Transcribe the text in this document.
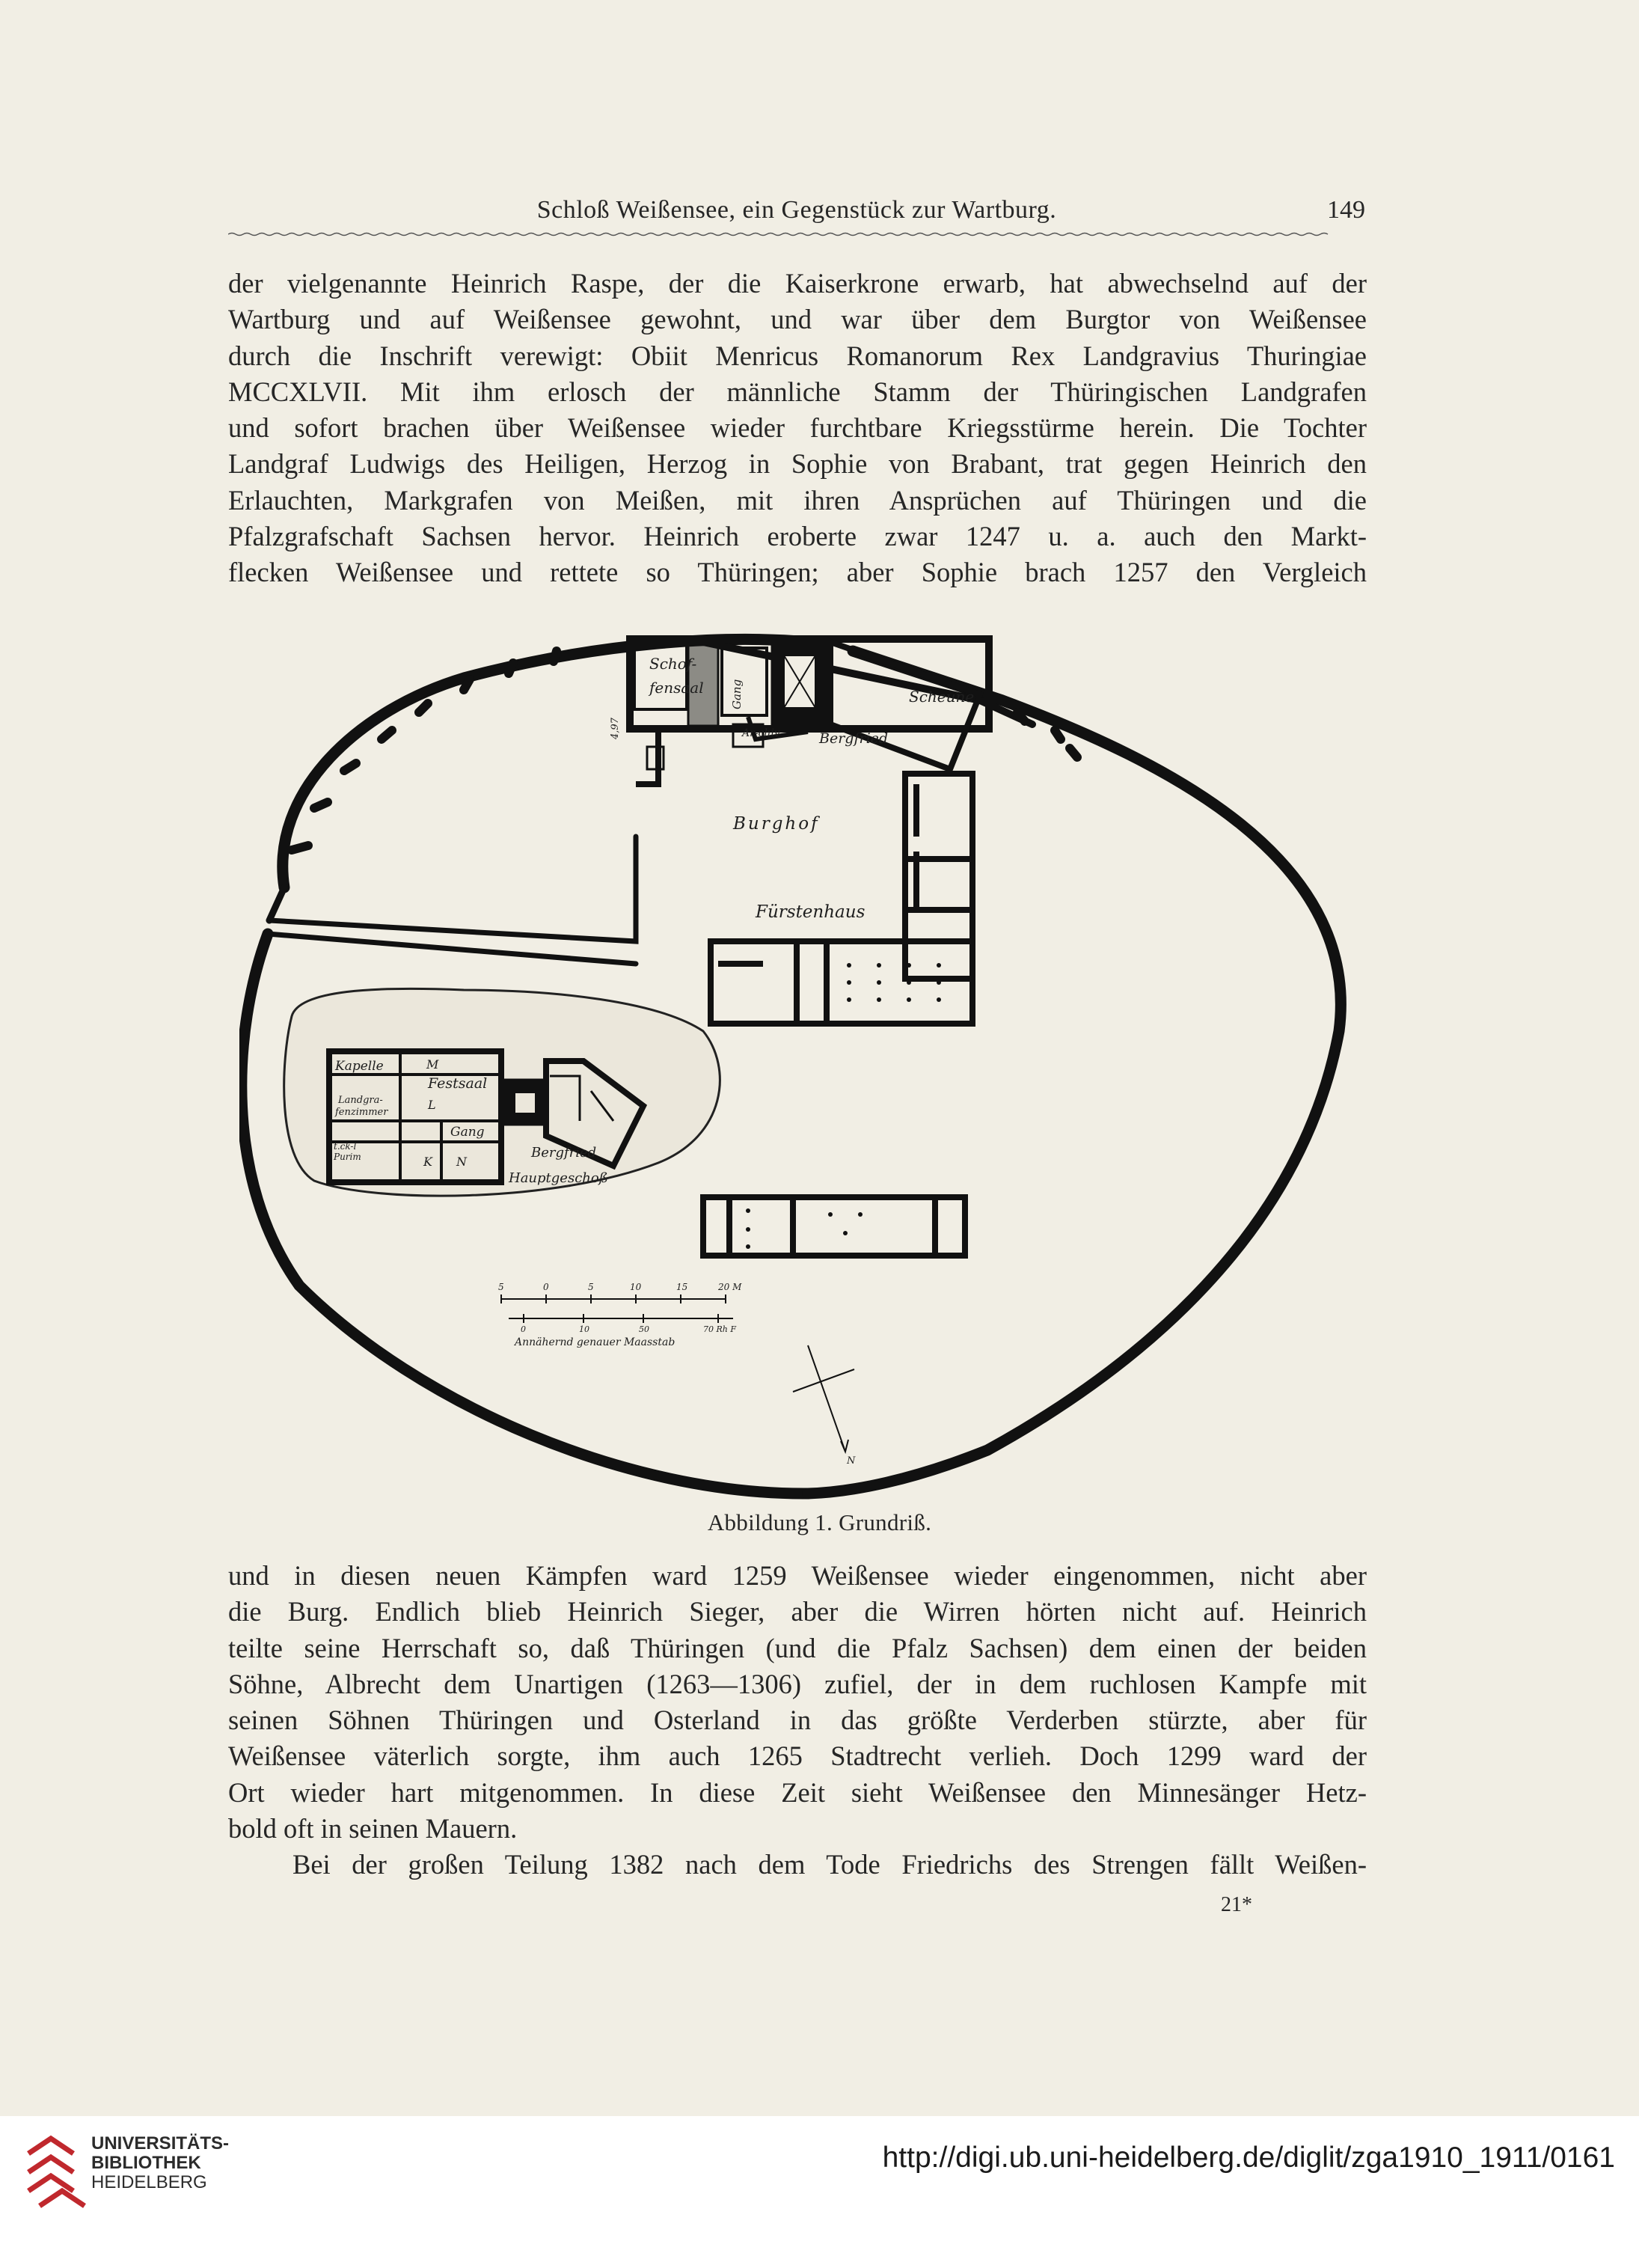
Schloß Weißensee, ein Gegenstück zur Wartburg.	149
der vielgenannte Heinrich Raspe, der die Kaiserkrone erwarb, hat abwechselnd auf der
Wartburg und auf Weißensee gewohnt, und war über dem Burgtor von Weißensee
durch die Inschrift verewigt: Obiit Menricus Romanorum Rex Landgravius Thuringiae
MCCXLVII. Mit ihm erlosch der männliche Stamm der Thüringischen Landgrafen
und sofort brachen über Weißensee wieder furchtbare Kriegsstürme herein. Die Tochter
Landgraf Ludwigs des Heiligen, Herzog in Sophie von Brabant, trat gegen Heinrich den
Erlauchten, Markgrafen von Meißen, mit ihren Ansprüchen auf Thüringen und die
Pfalzgrafschaft Sachsen hervor. Heinrich eroberte zwar 1247 u. a. auch den Markt-
flecken Weißensee und rettete so Thüringen; aber Sophie brach 1257 den Vergleich
Schof-
fensaal Gang
Ar-chiv
Scheune
Bergfried
4,97
Burghof
Fürstenhaus
Kapelle	M
Festsaal
Landgra-
fenzimmer
L
Gang
t.ck-l
Purim	K N
Bergfried
Hauptgeschoß
5	0	5	10	15	20 M
0	10	50	70 Rh F
Annähernd genauer Maasstab
N
Abbildung 1. Grundriß.
und in diesen neuen Kämpfen ward 1259 Weißensee wieder eingenommen, nicht aber
die Burg. Endlich blieb Heinrich Sieger, aber die Wirren hörten nicht auf. Heinrich
teilte seine Herrschaft so, daß Thüringen (und die Pfalz Sachsen) dem einen der beiden
Söhne, Albrecht dem Unartigen (1263—1306) zufiel, der in dem ruchlosen Kampfe mit
seinen Söhnen Thüringen und Osterland in das größte Verderben stürzte, aber für
Weißensee väterlich sorgte, ihm auch 1265 Stadtrecht verlieh. Doch 1299 ward der
Ort wieder hart mitgenommen. In diese Zeit sieht Weißensee den Minnesänger Hetz-
bold oft in seinen Mauern.
Bei der großen Teilung 1382 nach dem Tode Friedrichs des Strengen fällt Weißen-
21*
UNIVERSITÄTS-
BIBLIOTHEK
HEIDELBERG
http://digi.ub.uni-heidelberg.de/diglit/zga1910_1911/0161
